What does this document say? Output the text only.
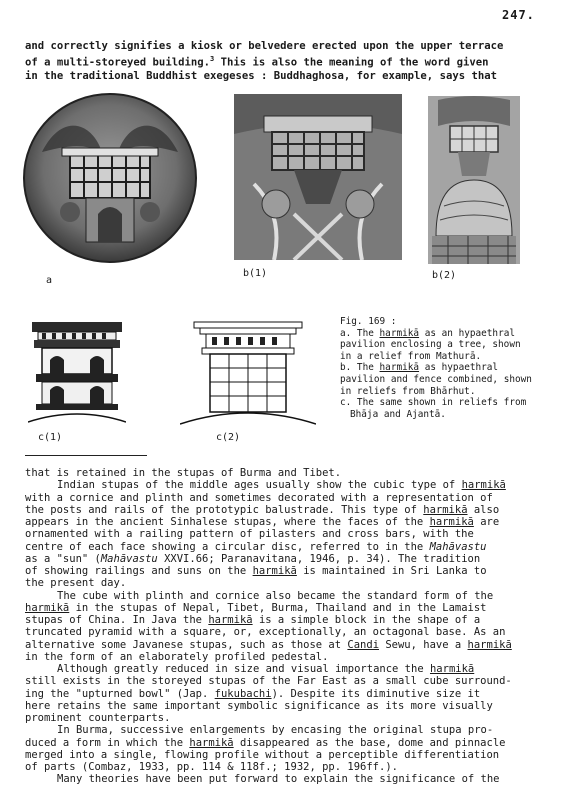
247.

and correctly signifies a kiosk or belvedere erected upon the upper terrace

of a multi-storeyed building.$^3$ This is also the meaning of the word given

in the traditional Buddhist exegeses : Buddhaghosa, for example, says that

a
b(1)	b(2)
c(1)	c(2)

Fig. 169 :

a. The harmikā as an hypaethral

pavilion enclosing a tree, shown

in a relief from Mathurā.

b. The harmikā as hypaethral

pavilion and fence combined, shown

in reliefs from Bhārhut.

c. The same shown in reliefs from

Bhāja and Ajantā.

that is retained in the stupas of Burma and Tibet.

Indian stupas of the middle ages usually show the cubic type of harmikā

with a cornice and plinth and sometimes decorated with a representation of

the posts and rails of the prototypic balustrade. This type of harmikā also

appears in the ancient Sinhalese stupas, where the faces of the harmikā are

ornamented with a railing pattern of pilasters and cross bars, with the

centre of each face showing a circular disc, referred to in the Mahāvastu

as a "sun" (Mahāvastu XXVI.66; Paranavitana, 1946, p. 34). The tradition

of showing railings and suns on the harmikā is maintained in Sri Lanka to

the present day.

The cube with plinth and cornice also became the standard form of the

harmikā in the stupas of Nepal, Tibet, Burma, Thailand and in the Lamaist

stupas of China. In Java the harmikā is a simple block in the shape of a

truncated pyramid with a square, or, exceptionally, an octagonal base. As an

alternative some Javanese stupas, such as those at Candi Sewu, have a harmikā

in the form of an elaborately profiled pedestal.

Although greatly reduced in size and visual importance the harmikā

still exists in the storeyed stupas of the Far East as a small cube surround-

ing the "upturned bowl" (Jap. fukubachi). Despite its diminutive size it

here retains the same important symbolic significance as its more visually

prominent counterparts.

In Burma, successive enlargements by encasing the original stupa pro-

duced a form in which the harmikā disappeared as the base, dome and pinnacle

merged into a single, flowing profile without a perceptible differentiation

of parts (Combaz, 1933, pp. 114 & 118f.; 1932, pp. 196ff.).

Many theories have been put forward to explain the significance of the
